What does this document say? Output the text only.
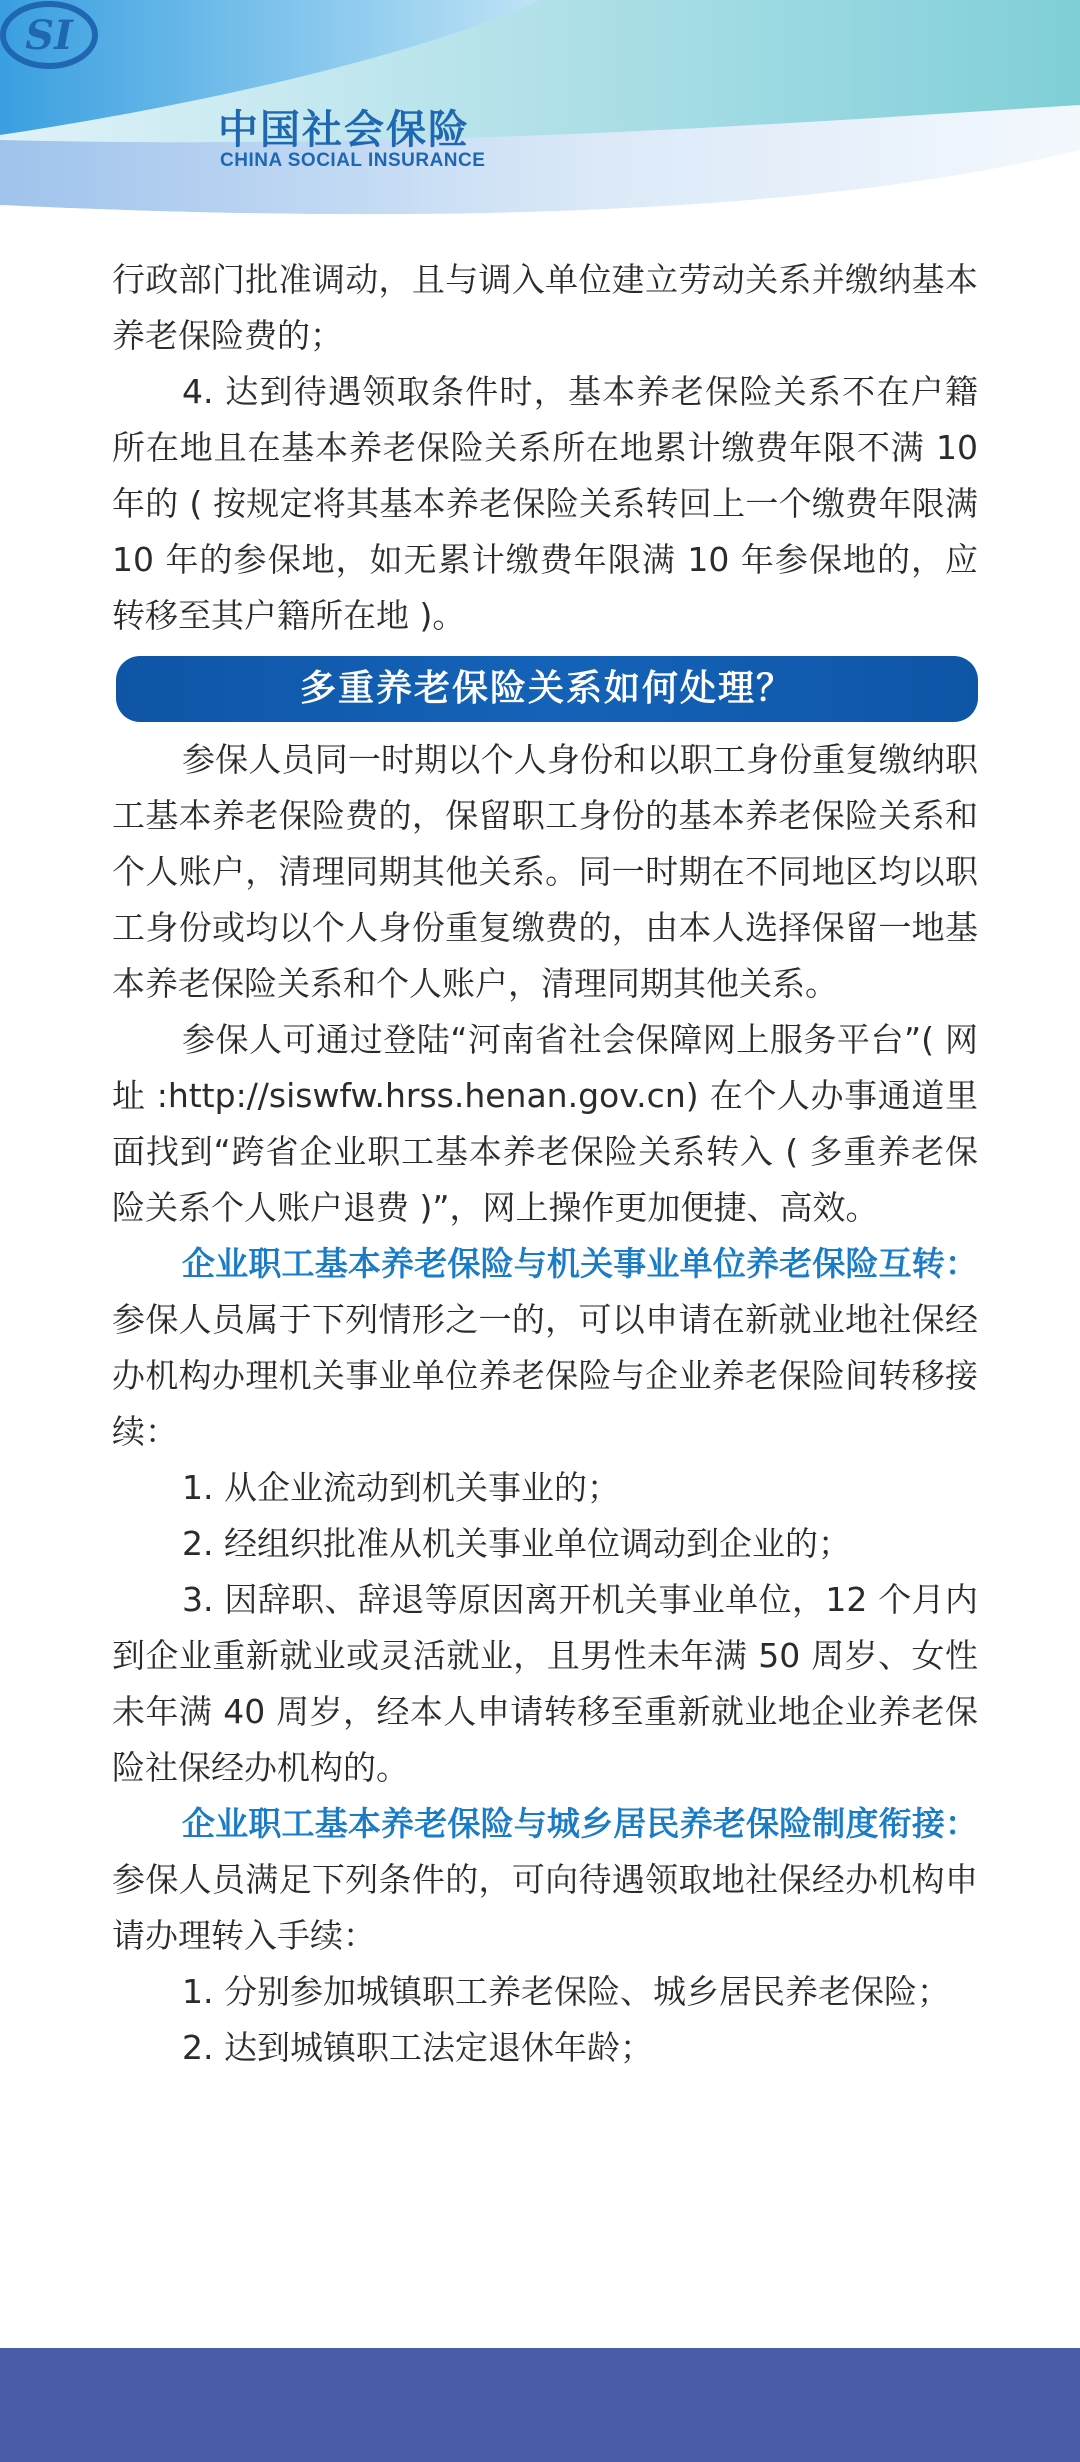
SI
中国社会保险
CHINA SOCIAL INSURANCE

行政部门批准调动，且与调入单位建立劳动关系并缴纳基本养老保险费的；

4. 达到待遇领取条件时，基本养老保险关系不在户籍所在地且在基本养老保险关系所在地累计缴费年限不满 10 年的 ( 按规定将其基本养老保险关系转回上一个缴费年限满 10 年的参保地，如无累计缴费年限满 10 年参保地的，应转移至其户籍所在地 )。

多重养老保险关系如何处理？

参保人员同一时期以个人身份和以职工身份重复缴纳职工基本养老保险费的，保留职工身份的基本养老保险关系和个人账户，清理同期其他关系。同一时期在不同地区均以职工身份或均以个人身份重复缴费的，由本人选择保留一地基本养老保险关系和个人账户，清理同期其他关系。

参保人可通过登陆“河南省社会保障网上服务平台”( 网址 :http://siswfw.hrss.henan.gov.cn) 在个人办事通道里面找到“跨省企业职工基本养老保险关系转入 ( 多重养老保险关系个人账户退费 )”，网上操作更加便捷、高效。

企业职工基本养老保险与机关事业单位养老保险互转：参保人员属于下列情形之一的，可以申请在新就业地社保经办机构办理机关事业单位养老保险与企业养老保险间转移接续：

1. 从企业流动到机关事业的；

2. 经组织批准从机关事业单位调动到企业的；

3. 因辞职、辞退等原因离开机关事业单位，12 个月内到企业重新就业或灵活就业，且男性未年满 50 周岁、女性未年满 40 周岁，经本人申请转移至重新就业地企业养老保险社保经办机构的。

企业职工基本养老保险与城乡居民养老保险制度衔接：参保人员满足下列条件的，可向待遇领取地社保经办机构申请办理转入手续：

1. 分别参加城镇职工养老保险、城乡居民养老保险；

2. 达到城镇职工法定退休年龄；
